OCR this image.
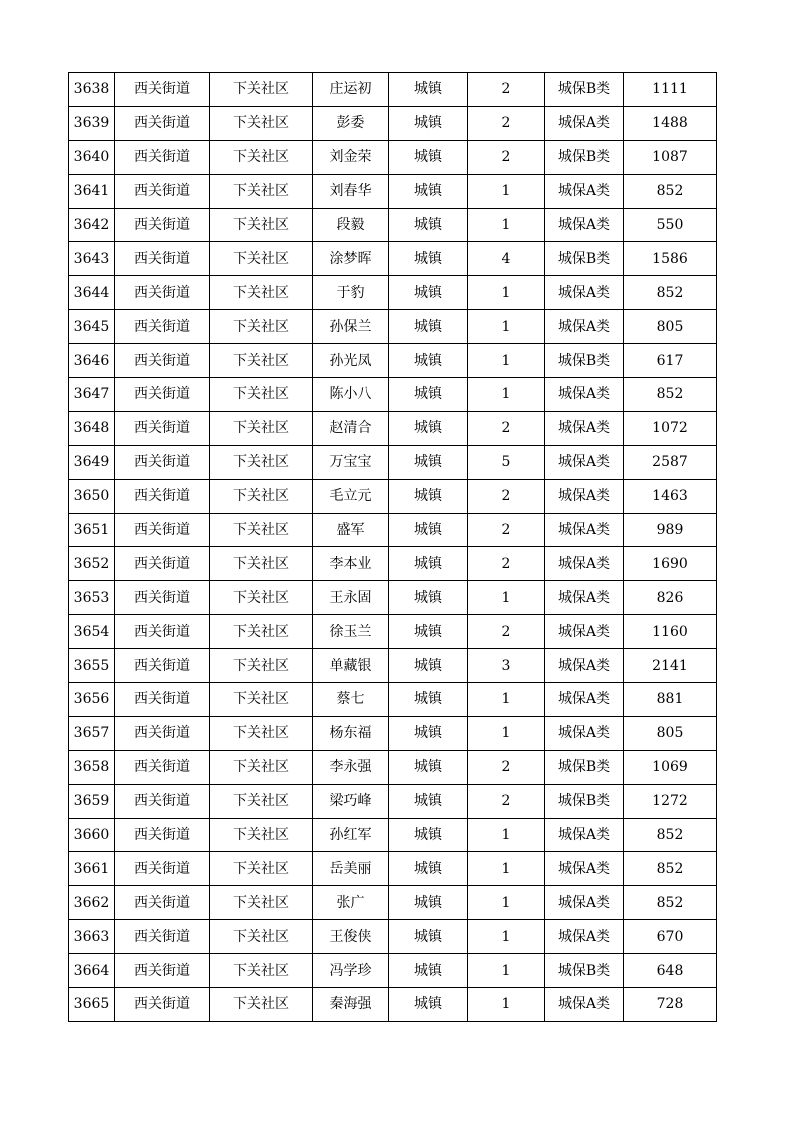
3638	西关街道	下关社区	庄运初	城镇	2	城保B类	1111
3639	西关街道	下关社区	彭委	城镇	2	城保A类	1488
3640	西关街道	下关社区	刘金荣	城镇	2	城保B类	1087
3641	西关街道	下关社区	刘春华	城镇	1	城保A类	852
3642	西关街道	下关社区	段毅	城镇	1	城保A类	550
3643	西关街道	下关社区	涂梦晖	城镇	4	城保B类	1586
3644	西关街道	下关社区	于豹	城镇	1	城保A类	852
3645	西关街道	下关社区	孙保兰	城镇	1	城保A类	805
3646	西关街道	下关社区	孙光凤	城镇	1	城保B类	617
3647	西关街道	下关社区	陈小八	城镇	1	城保A类	852
3648	西关街道	下关社区	赵清合	城镇	2	城保A类	1072
3649	西关街道	下关社区	万宝宝	城镇	5	城保A类	2587
3650	西关街道	下关社区	毛立元	城镇	2	城保A类	1463
3651	西关街道	下关社区	盛军	城镇	2	城保A类	989
3652	西关街道	下关社区	李本业	城镇	2	城保A类	1690
3653	西关街道	下关社区	王永固	城镇	1	城保A类	826
3654	西关街道	下关社区	徐玉兰	城镇	2	城保A类	1160
3655	西关街道	下关社区	单藏银	城镇	3	城保A类	2141
3656	西关街道	下关社区	蔡七	城镇	1	城保A类	881
3657	西关街道	下关社区	杨东福	城镇	1	城保A类	805
3658	西关街道	下关社区	李永强	城镇	2	城保B类	1069
3659	西关街道	下关社区	梁巧峰	城镇	2	城保B类	1272
3660	西关街道	下关社区	孙红军	城镇	1	城保A类	852
3661	西关街道	下关社区	岳美丽	城镇	1	城保A类	852
3662	西关街道	下关社区	张广	城镇	1	城保A类	852
3663	西关街道	下关社区	王俊侠	城镇	1	城保A类	670
3664	西关街道	下关社区	冯学珍	城镇	1	城保B类	648
3665	西关街道	下关社区	秦海强	城镇	1	城保A类	728
